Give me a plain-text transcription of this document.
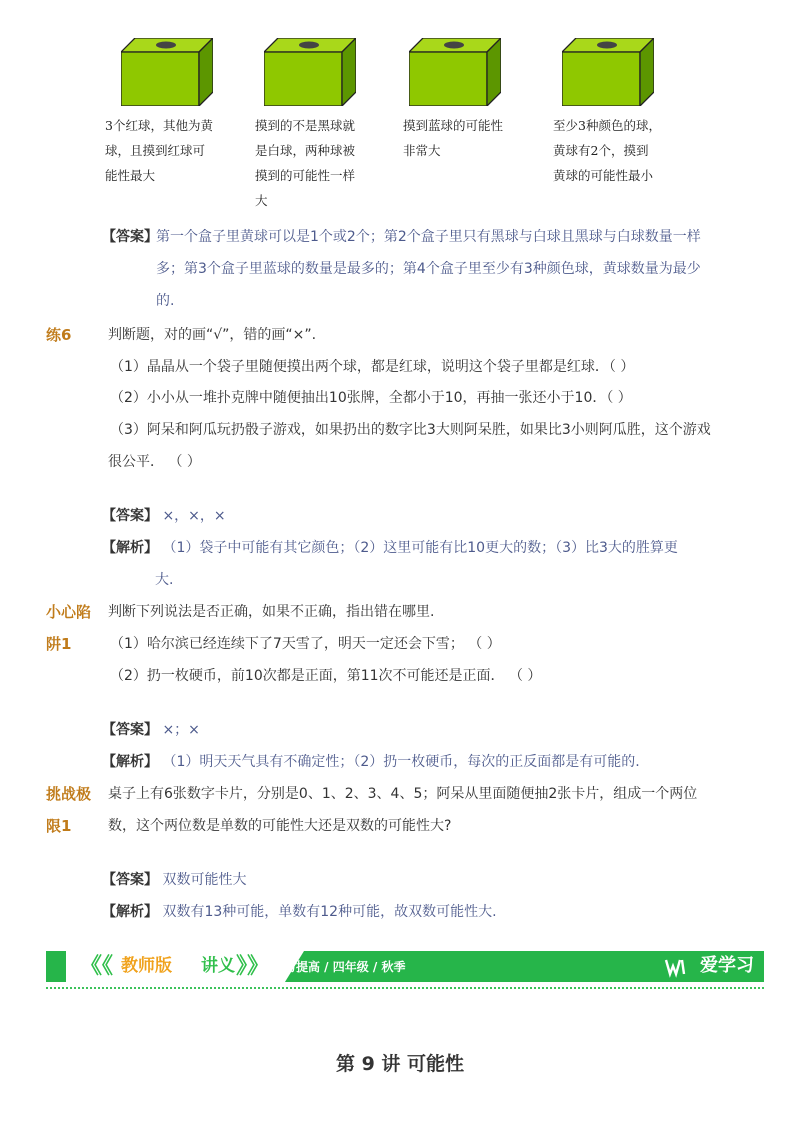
3个红球，其他为黄
球，且摸到红球可
能性最大
摸到的不是黑球就
是白球，两种球被
摸到的可能性一样
大
摸到蓝球的可能性
非常大
至少3种颜色的球，
黄球有2个，摸到
黄球的可能性最小
【答案】
第一个盒子里黄球可以是1个或2个；第2个盒子里只有黑球与白球且黑球与白球数量一样
多；第3个盒子里蓝球的数量是最多的；第4个盒子里至少有3种颜色球，黄球数量为最少
的.
练6	判断题，对的画“√”，错的画“×”.
（1）晶晶从一个袋子里随便摸出两个球，都是红球，说明这个袋子里都是红球．（ ）
（2）小小从一堆扑克牌中随便抽出10张牌，全都小于10，再抽一张还小于10．（ ）
（3）阿呆和阿瓜玩扔骰子游戏，如果扔出的数字比3大则阿呆胜，如果比3小则阿瓜胜，这个游戏
很公平． （ ）
【答案】 ×，×，×
【解析】 （1）袋子中可能有其它颜色；（2）这里可能有比10更大的数；（3）比3大的胜算更
大.
小心陷
阱1
判断下列说法是否正确，如果不正确，指出错在哪里.
（1）哈尔滨已经连续下了7天雪了，明天一定还会下雪； （ ）
（2）扔一枚硬币，前10次都是正面，第11次不可能还是正面． （ ）
【答案】 ×；×
【解析】 （1）明天天气具有不确定性；（2）扔一枚硬币，每次的正反面都是有可能的.
挑战极
限1
桌子上有6张数字卡片，分别是0、1、2、3、4、5；阿呆从里面随便抽2张卡片，组成一个两位
数，这个两位数是单数的可能性大还是双数的可能性大?
【答案】 双数可能性大
【解析】 双数有13种可能，单数有12种可能，故双数可能性大.
《《 教师版 讲义 》》 能力提高 / 四年级 / 秋季	爱学习
第 9 讲 可能性
